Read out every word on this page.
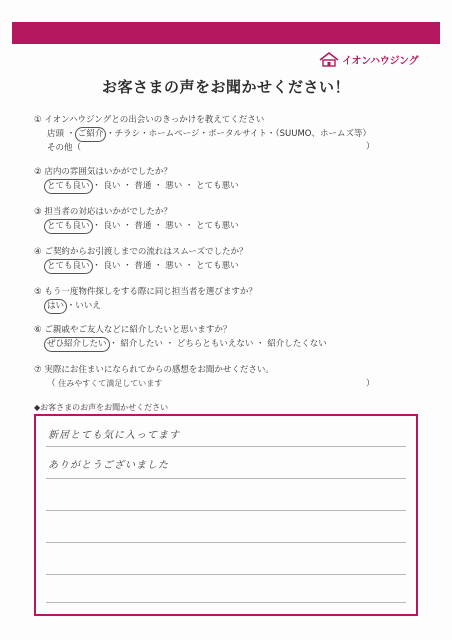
イオンハウジング
お客さまの声をお聞かせください！
① イオンハウジングとの出会いのきっかけを教えてください
店頭 ・ ご紹介 ・チラシ・ホームページ・ポータルサイト・（SUUMO、ホームズ等）
その他（	）
② 店内の雰囲気はいかがでしたか？
とても良い ・ 良い ・ 普通 ・ 悪い ・ とても悪い
③ 担当者の対応はいかがでしたか？
とても良い ・ 良い ・ 普通 ・ 悪い ・ とても悪い
④ ご契約からお引渡しまでの流れはスムーズでしたか？
とても良い ・ 良い ・ 普通 ・ 悪い ・ とても悪い
⑤ もう一度物件探しをする際に同じ担当者を選びますか？
はい ・いいえ
⑥ ご親戚やご友人などに紹介したいと思いますか？
ぜひ紹介したい ・ 紹介したい ・ どちらともいえない ・ 紹介したくない
⑦ 実際にお住まいになられてからの感想をお聞かせください。
（ 住みやすくて満足しています	）
◆お客さまのお声をお聞かせください
新居とても気に入ってます
ありがとうございました
